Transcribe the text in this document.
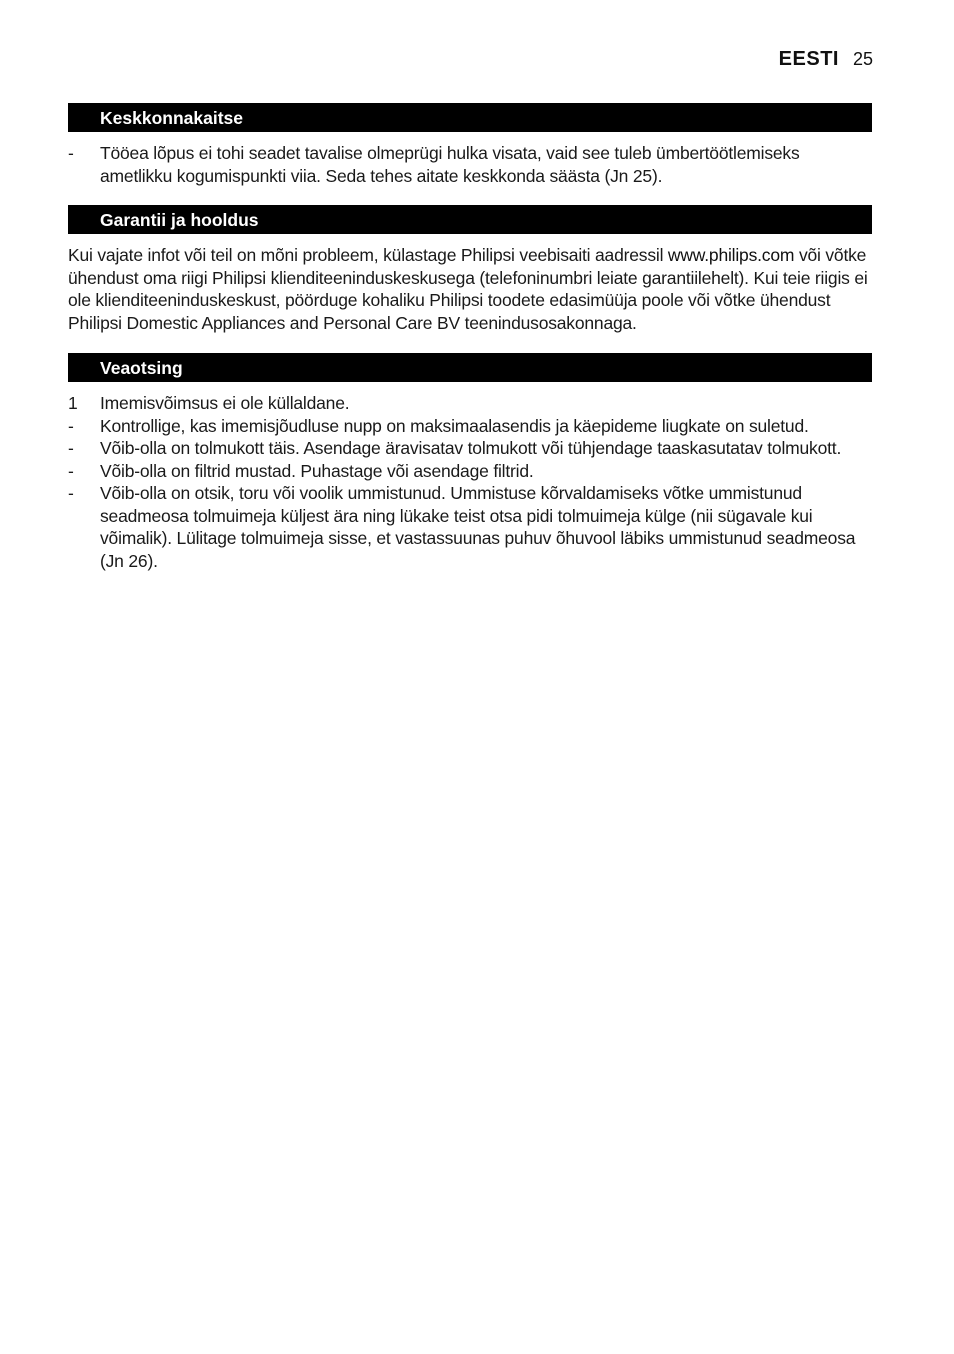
EESTI 25
Keskkonnakaitse
- Tööea lõpus ei tohi seadet tavalise olmeprügi hulka visata, vaid see tuleb ümbertöötlemiseks ametlikku kogumispunkti viia. Seda tehes aitate keskkonda säästa (Jn 25).
Garantii ja hooldus

Kui vajate infot või teil on mõni probleem, külastage Philipsi veebisaiti aadressil www.philips.com või võtke ühendust oma riigi Philipsi klienditeeninduskeskusega (telefoninumbri leiate garantiilehelt). Kui teie riigis ei ole klienditeeninduskeskust, pöörduge kohaliku Philipsi toodete edasimüüja poole või võtke ühendust Philipsi Domestic Appliances and Personal Care BV teenindusosakonnaga.

Veaotsing
1 Imemisvõimsus ei ole küllaldane.
- Kontrollige, kas imemisjõudluse nupp on maksimaalasendis ja käepideme liugkate on suletud.
- Võib-olla on tolmukott täis. Asendage äravisatav tolmukott või tühjendage taaskasutatav tolmukott.
- Võib-olla on filtrid mustad. Puhastage või asendage filtrid.
- Võib-olla on otsik, toru või voolik ummistunud. Ummistuse kõrvaldamiseks võtke ummistunud seadmeosa tolmuimeja küljest ära ning lükake teist otsa pidi tolmuimeja külge (nii sügavale kui võimalik). Lülitage tolmuimeja sisse, et vastassuunas puhuv õhuvool läbiks ummistunud seadmeosa (Jn 26).
